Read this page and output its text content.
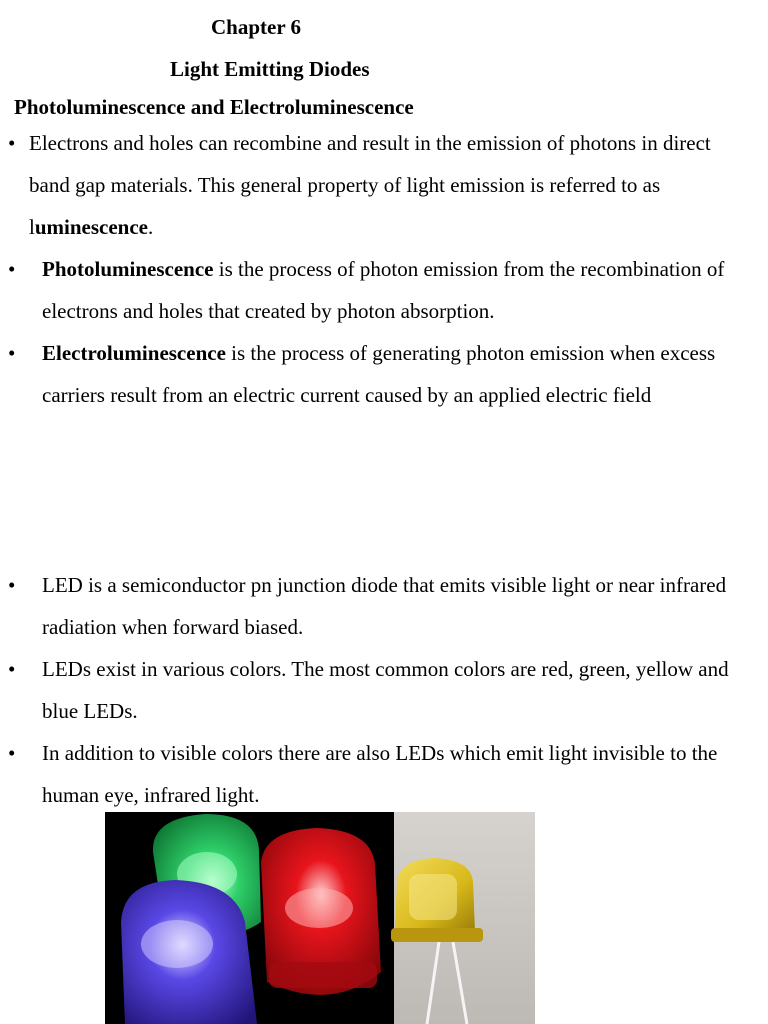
Chapter 6
Light Emitting Diodes
Photoluminescence and Electroluminescence
• Electrons and holes can recombine and result in the emission of photons in direct band gap materials. This general property of light emission is referred to as luminescence.

• Photoluminescence is the process of photon emission from the recombination of electrons and holes that created by photon absorption.

• Electroluminescence is the process of generating photon emission when excess carriers result from an electric current caused by an applied electric field

• LED is a semiconductor pn junction diode that emits visible light or near infrared radiation when forward biased.

• LEDs exist in various colors. The most common colors are red, green, yellow and blue LEDs.

• In addition to visible colors there are also LEDs which emit light invisible to the human eye, infrared light.
